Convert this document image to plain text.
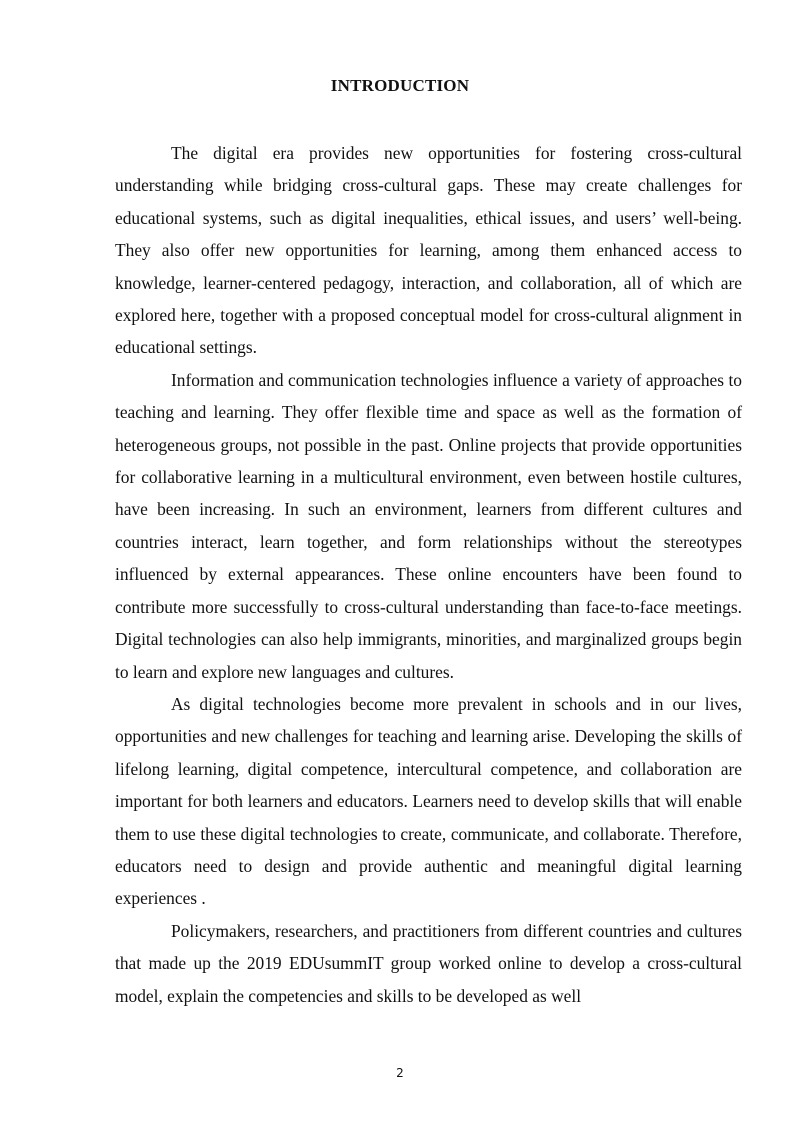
INTRODUCTION

The digital era provides new opportunities for fostering cross-cultural understanding while bridging cross-cultural gaps. These may create challenges for educational systems, such as digital inequalities, ethical issues, and users’ well-being. They also offer new opportunities for learning, among them enhanced access to knowledge, learner-centered pedagogy, interaction, and collaboration, all of which are explored here, together with a proposed conceptual model for cross-cultural alignment in educational settings.

Information and communication technologies influence a variety of approaches to teaching and learning. They offer flexible time and space as well as the formation of heterogeneous groups, not possible in the past. Online projects that provide opportunities for collaborative learning in a multicultural environment, even between hostile cultures, have been increasing. In such an environment, learners from different cultures and countries interact, learn together, and form relationships without the stereotypes influenced by external appearances. These online encounters have been found to contribute more successfully to cross-cultural understanding than face-to-face meetings. Digital technologies can also help immigrants, minorities, and marginalized groups begin to learn and explore new languages and cultures.

As digital technologies become more prevalent in schools and in our lives, opportunities and new challenges for teaching and learning arise. Developing the skills of lifelong learning, digital competence, intercultural competence, and collaboration are important for both learners and educators. Learners need to develop skills that will enable them to use these digital technologies to create, communicate, and collaborate. Therefore, educators need to design and provide authentic and meaningful digital learning experiences .

Policymakers, researchers, and practitioners from different countries and cultures that made up the 2019 EDUsummIT group worked online to develop a cross-cultural model, explain the competencies and skills to be developed as well

2
